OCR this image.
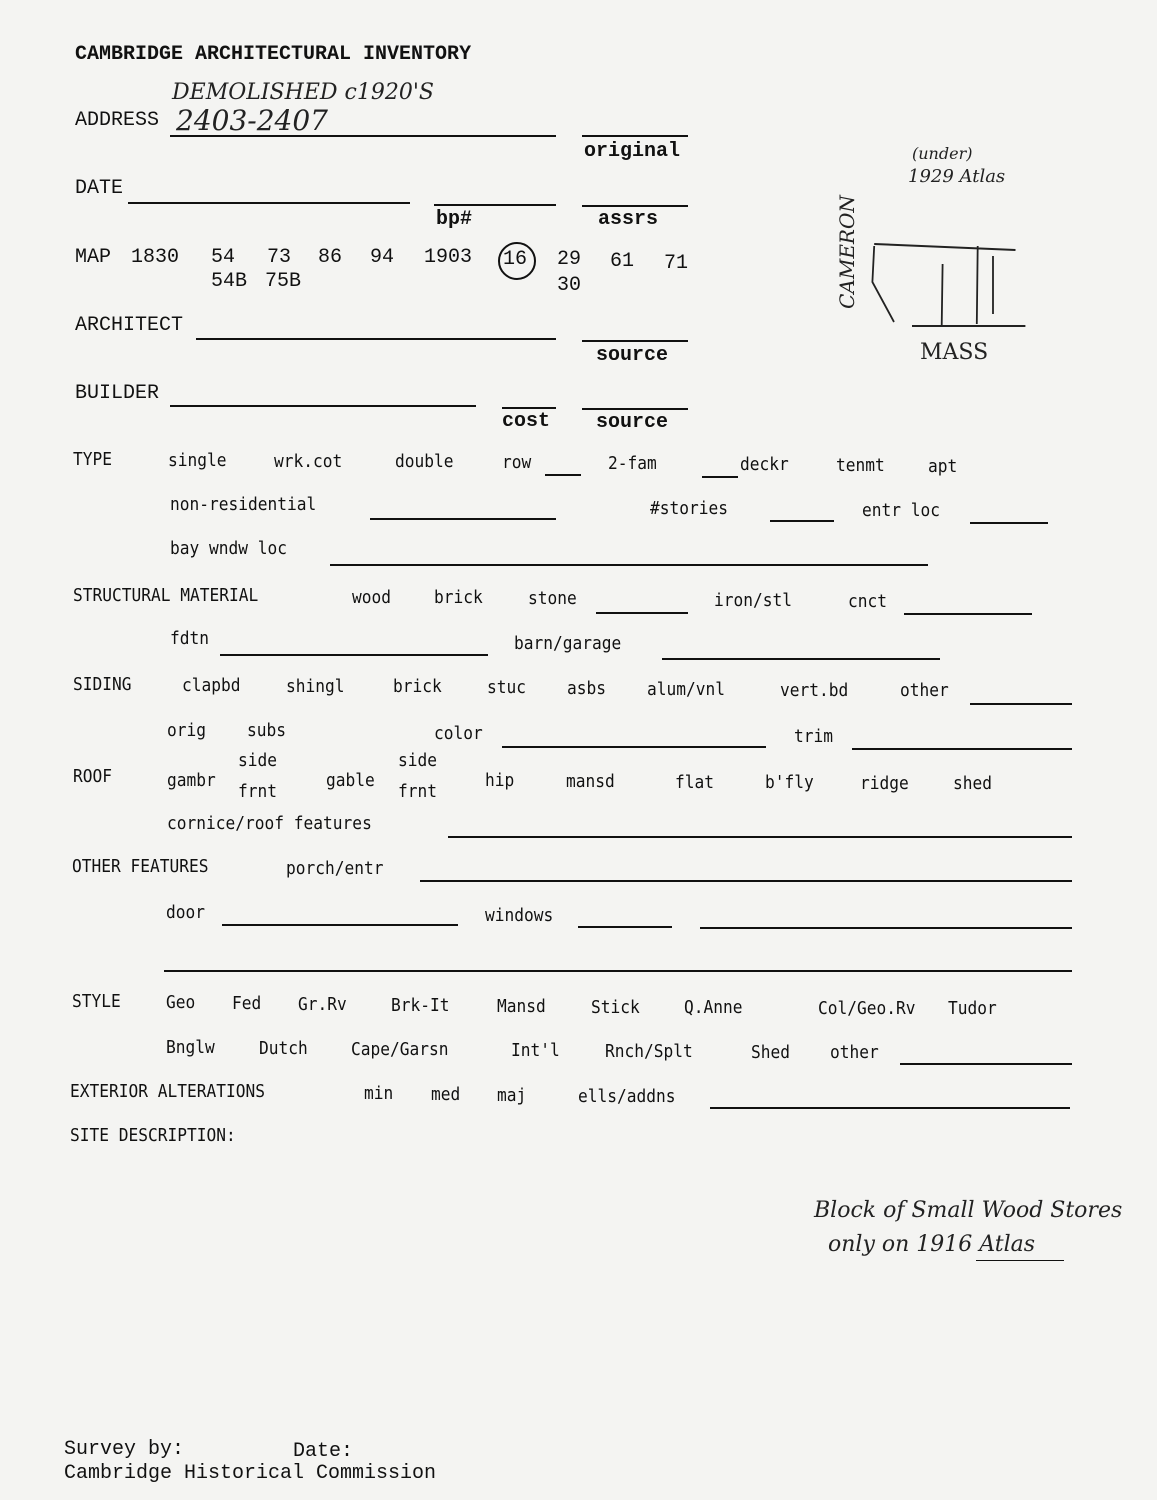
CAMBRIDGE ARCHITECTURAL INVENTORY
DEMOLISHED c1920'S
ADDRESS 2403-2407
original
DATE
bp#	assrs
(under)
1929 Atlas
CAMERON
MASS
MAP 1830 54 73 86 94 1903 16 29 61 71
54B 75B	30
ARCHITECT
source
BUILDER
cost source
TYPE	single	wrk.cot	double	row	2-fam	deckr	tenmt apt
non-residential	#stories	entr loc
bay wndw loc
STRUCTURAL MATERIAL	wood brick	stone	iron/stl	cnct
fdtn	barn/garage
SIDING	clapbd	shingl	brick	stuc asbs alum/vnl	vert.bd	other
orig subs	color	trim
ROOF	gambr
side
frnt
gable
side
frnt
hip	mansd	flat	b'fly	ridge shed
cornice/roof features
OTHER FEATURES	porch/entr
door	windows
STYLE	Geo Fed Gr.Rv Brk-It	Mansd	Stick Q.Anne	Col/Geo.Rv Tudor
Bnglw Dutch Cape/Garsn	Int'l	Rnch/Splt	Shed other
EXTERIOR ALTERATIONS	min med maj	ells/addns
SITE DESCRIPTION:
Block of Small Wood Stores
only on 1916 Atlas
Survey by:	Date:
Cambridge Historical Commission
